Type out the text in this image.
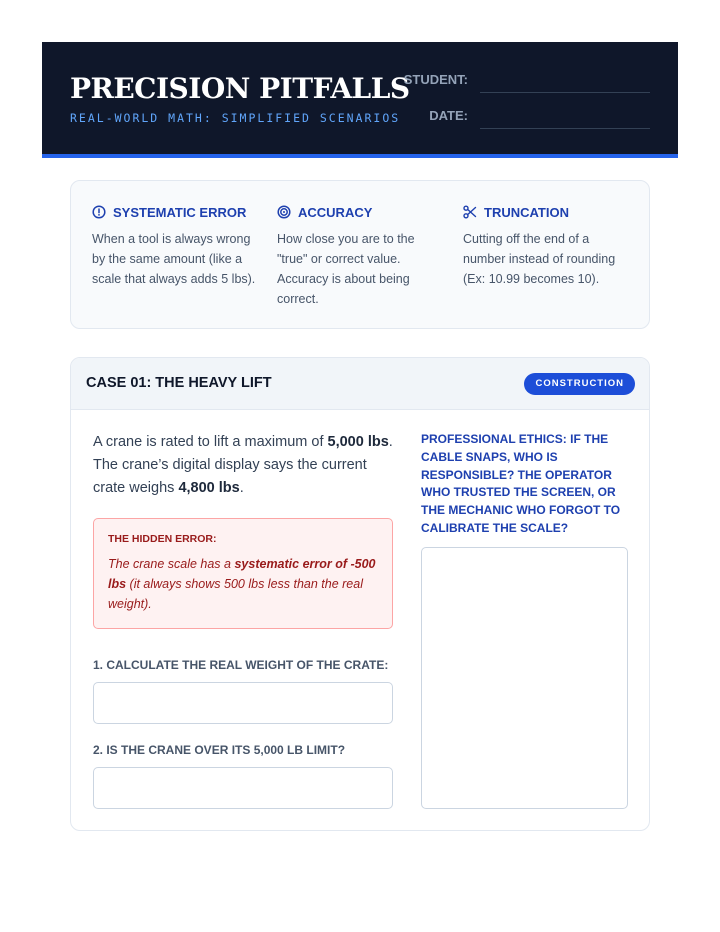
PRECISION PITFALLS
REAL-WORLD MATH: SIMPLIFIED SCENARIOS
STUDENT:
DATE:
SYSTEMATIC ERROR
When a tool is always wrong by the same amount (like a scale that always adds 5 lbs).
ACCURACY
How close you are to the "true" or correct value. Accuracy is about being correct.
TRUNCATION
Cutting off the end of a number instead of rounding (Ex: 10.99 becomes 10).
CASE 01: THE HEAVY LIFT	CONSTRUCTION
A crane is rated to lift a maximum of 5,000 lbs. The crane’s digital display says the current crate weighs 4,800 lbs.
THE HIDDEN ERROR:
The crane scale has a systematic error of -500 lbs (it always shows 500 lbs less than the real weight).
1. CALCULATE THE REAL WEIGHT OF THE CRATE:
2. IS THE CRANE OVER ITS 5,000 LB LIMIT?
PROFESSIONAL ETHICS: IF THE CABLE SNAPS, WHO IS RESPONSIBLE? THE OPERATOR WHO TRUSTED THE SCREEN, OR THE MECHANIC WHO FORGOT TO CALIBRATE THE SCALE?
